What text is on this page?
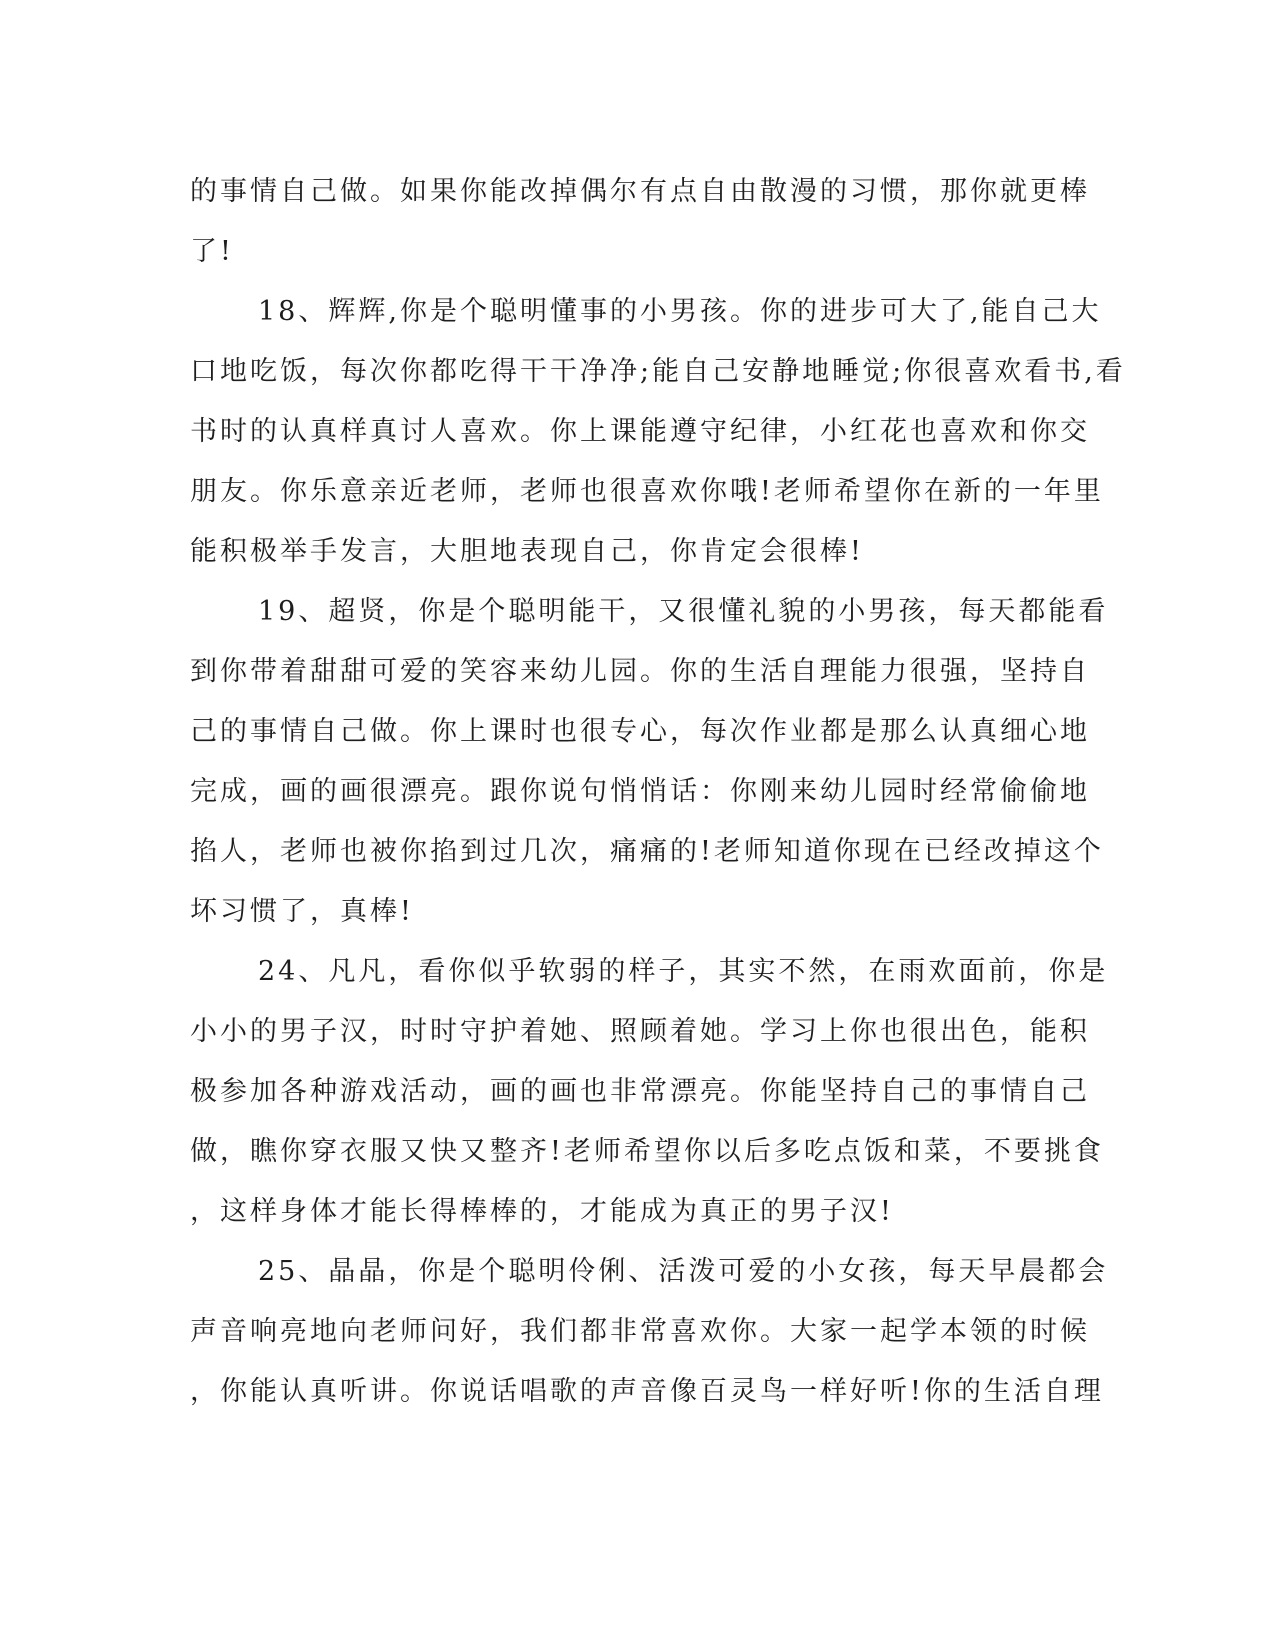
的事情自己做。如果你能改掉偶尔有点自由散漫的习惯，那你就更棒
了!
18、辉辉,你是个聪明懂事的小男孩。你的进步可大了,能自己大
口地吃饭，每次你都吃得干干净净;能自己安静地睡觉;你很喜欢看书,看
书时的认真样真讨人喜欢。你上课能遵守纪律，小红花也喜欢和你交
朋友。你乐意亲近老师，老师也很喜欢你哦!老师希望你在新的一年里
能积极举手发言，大胆地表现自己，你肯定会很棒!
19、超贤，你是个聪明能干，又很懂礼貌的小男孩，每天都能看
到你带着甜甜可爱的笑容来幼儿园。你的生活自理能力很强，坚持自
己的事情自己做。你上课时也很专心，每次作业都是那么认真细心地
完成，画的画很漂亮。跟你说句悄悄话：你刚来幼儿园时经常偷偷地
掐人，老师也被你掐到过几次，痛痛的!老师知道你现在已经改掉这个
坏习惯了，真棒!
24、凡凡，看你似乎软弱的样子，其实不然，在雨欢面前，你是
小小的男子汉，时时守护着她、照顾着她。学习上你也很出色，能积
极参加各种游戏活动，画的画也非常漂亮。你能坚持自己的事情自己
做，瞧你穿衣服又快又整齐!老师希望你以后多吃点饭和菜，不要挑食
，这样身体才能长得棒棒的，才能成为真正的男子汉!
25、晶晶，你是个聪明伶俐、活泼可爱的小女孩，每天早晨都会
声音响亮地向老师问好，我们都非常喜欢你。大家一起学本领的时候
，你能认真听讲。你说话唱歌的声音像百灵鸟一样好听!你的生活自理
